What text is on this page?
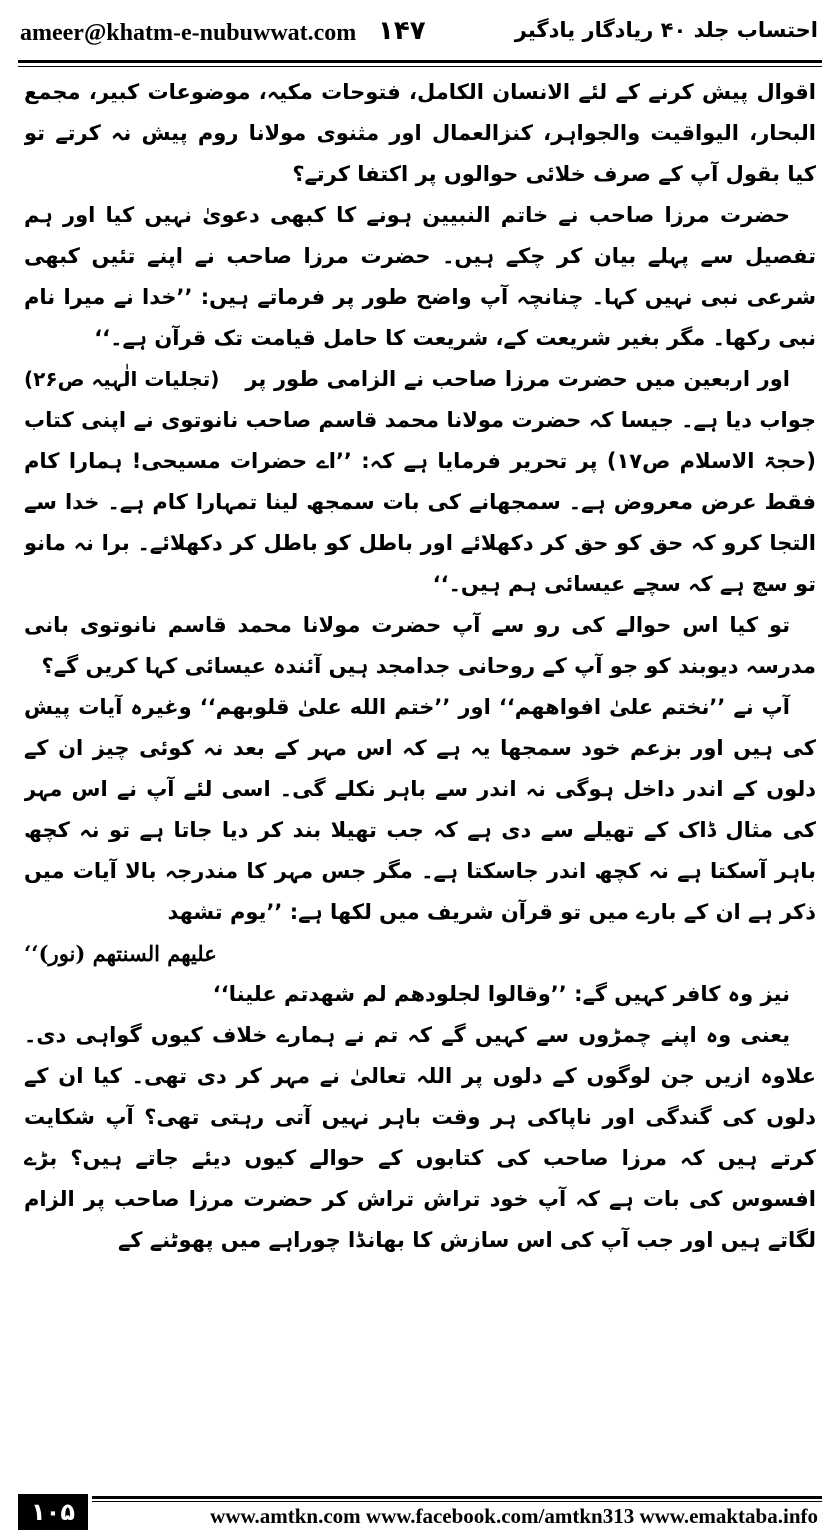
ameer@khatm-e-nubuwwat.com ۱۴۷	احتساب جلد ۴۰ ریادگار یادگیر

اقوال پیش کرنے کے لئے الانسان الکامل، فتوحات مکیہ، موضوعات کبیر، مجمع البحار، الیواقیت والجواہر، کنزالعمال اور مثنوی مولانا روم پیش نہ کرتے تو کیا بقول آپ کے صرف خلائی حوالوں پر اکتفا کرتے؟

حضرت مرزا صاحب نے خاتم النبیین ہونے کا کبھی دعویٰ نہیں کیا اور ہم تفصیل سے پہلے بیان کر چکے ہیں۔ حضرت مرزا صاحب نے اپنے تئیں کبھی شرعی نبی نہیں کہا۔ چنانچہ آپ واضح طور پر فرماتے ہیں: ’’خدا نے میرا نام نبی رکھا۔ مگر بغیر شریعت کے، شریعت کا حامل قیامت تک قرآن ہے۔‘‘
(تجلیات الٰہیہ ص۲۶)	اور اربعین میں حضرت مرزا صاحب نے الزامی طور پر جواب دیا ہے۔ جیسا کہ حضرت مولانا محمد قاسم صاحب نانوتوی نے اپنی کتاب (حجۃ الاسلام ص۱۷) پر تحریر فرمایا ہے کہ: ’’اے حضرات مسیحی! ہمارا کام فقط عرض معروض ہے۔ سمجھانے کی بات سمجھ لینا تمہارا کام ہے۔ خدا سے التجا کرو کہ حق کو حق کر دکھلائے اور باطل کو باطل کر دکھلائے۔ برا نہ مانو تو سچ ہے کہ سچے عیسائی ہم ہیں۔‘‘

تو کیا اس حوالے کی رو سے آپ حضرت مولانا محمد قاسم نانوتوی بانی مدرسہ دیوبند کو جو آپ کے روحانی جدامجد ہیں آئندہ عیسائی کہا کریں گے؟

آپ نے ’’نختم علیٰ افواههم‘‘ اور ’’ختم الله علیٰ قلوبهم‘‘ وغیرہ آیات پیش کی ہیں اور بزعم خود سمجھا یہ ہے کہ اس مہر کے بعد نہ کوئی چیز ان کے دلوں کے اندر داخل ہوگی نہ اندر سے باہر نکلے گی۔ اسی لئے آپ نے اس مہر کی مثال ڈاک کے تھیلے سے دی ہے کہ جب تھیلا بند کر دیا جاتا ہے تو نہ کچھ باہر آسکتا ہے نہ کچھ اندر جاسکتا ہے۔ مگر جس مہر کا مندرجہ بالا آیات میں ذکر ہے ان کے بارے میں تو قرآن شریف میں لکھا ہے: ’’یوم تشهد
علیهم السنتهم (نور)‘‘

نیز وہ کافر کہیں گے: ’’وقالوا لجلودهم لم شهدتم علینا‘‘

یعنی وہ اپنے چمڑوں سے کہیں گے کہ تم نے ہمارے خلاف کیوں گواہی دی۔ علاوہ ازیں جن لوگوں کے دلوں پر اللہ تعالیٰ نے مہر کر دی تھی۔ کیا ان کے دلوں کی گندگی اور ناپاکی ہر وقت باہر نہیں آتی رہتی تھی؟ آپ شکایت کرتے ہیں کہ مرزا صاحب کی کتابوں کے حوالے کیوں دیئے جاتے ہیں؟ بڑے افسوس کی بات ہے کہ آپ خود تراش تراش کر حضرت مرزا صاحب پر الزام لگاتے ہیں اور جب آپ کی اس سازش کا بھانڈا چوراہے میں پھوٹنے کے

۱۰۵	www.amtkn.com www.facebook.com/amtkn313 www.emaktaba.info
